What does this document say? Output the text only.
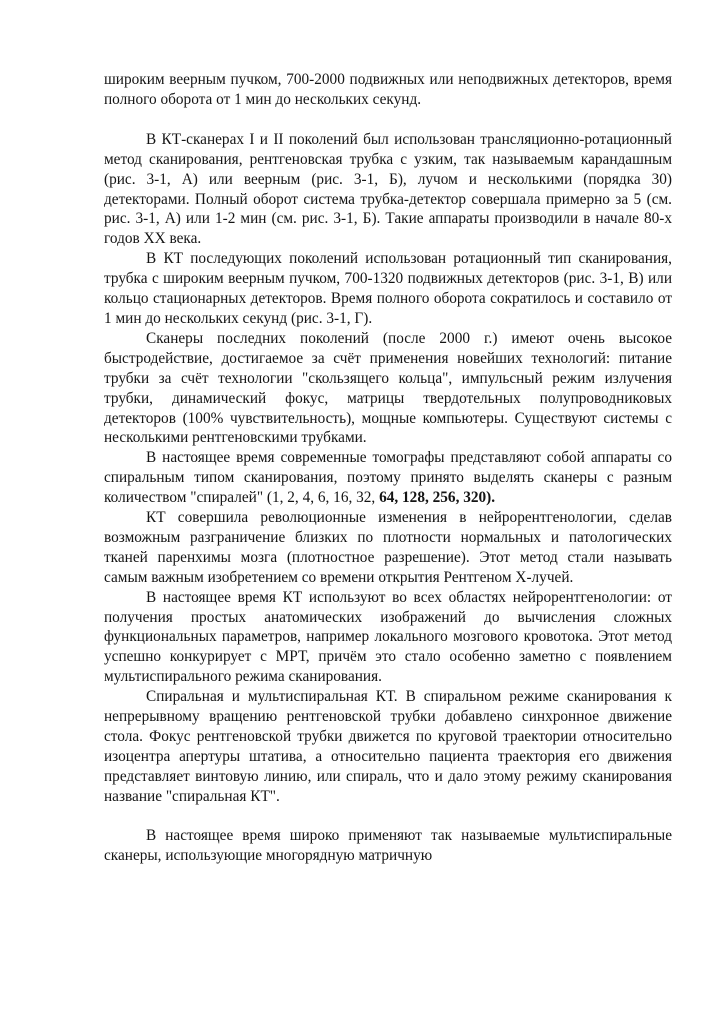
широким веерным пучком, 700-2000 подвижных или неподвижных детекторов, время полного оборота от 1 мин до нескольких секунд.

В КТ-сканерах I и II поколений был использован трансляционно-ротационный метод сканирования, рентгеновская трубка с узким, так называемым карандашным (рис. 3-1, А) или веерным (рис. 3-1, Б), лучом и несколькими (порядка 30) детекторами. Полный оборот система трубка-детектор совершала примерно за 5 (см. рис. 3-1, А) или 1-2 мин (см. рис. 3-1, Б). Такие аппараты производили в начале 80-х годов XX века.

В КТ последующих поколений использован ротационный тип сканирования, трубка с широким веерным пучком, 700-1320 подвижных детекторов (рис. 3-1, В) или кольцо стационарных детекторов. Время полного оборота сократилось и составило от 1 мин до нескольких секунд (рис. 3-1, Г).

Сканеры последних поколений (после 2000 г.) имеют очень высокое быстродействие, достигаемое за счёт применения новейших технологий: питание трубки за счёт технологии "скользящего кольца", импульсный режим излучения трубки, динамический фокус, матрицы твердотельных полупроводниковых детекторов (100% чувствительность), мощные компьютеры. Существуют системы с несколькими рентгеновскими трубками.

В настоящее время современные томографы представляют собой аппараты со спиральным типом сканирования, поэтому принято выделять сканеры с разным количеством "спиралей" (1, 2, 4, 6, 16, 32, 64, 128, 256, 320).

КТ совершила революционные изменения в нейрорентгенологии, сделав возможным разграничение близких по плотности нормальных и патологических тканей паренхимы мозга (плотностное разрешение). Этот метод стали называть самым важным изобретением со времени открытия Рентгеном Х-лучей.

В настоящее время КТ используют во всех областях нейрорентгенологии: от получения простых анатомических изображений до вычисления сложных функциональных параметров, например локального мозгового кровотока. Этот метод успешно конкурирует с МРТ, причём это стало особенно заметно с появлением мультиспирального режима сканирования.

Спиральная и мультиспиральная КТ. В спиральном режиме сканирования к непрерывному вращению рентгеновской трубки добавлено синхронное движение стола. Фокус рентгеновской трубки движется по круговой траектории относительно изоцентра апертуры штатива, а относительно пациента траектория его движения представляет винтовую линию, или спираль, что и дало этому режиму сканирования название "спиральная КТ".

В настоящее время широко применяют так называемые мультиспиральные сканеры, использующие многорядную матричную
